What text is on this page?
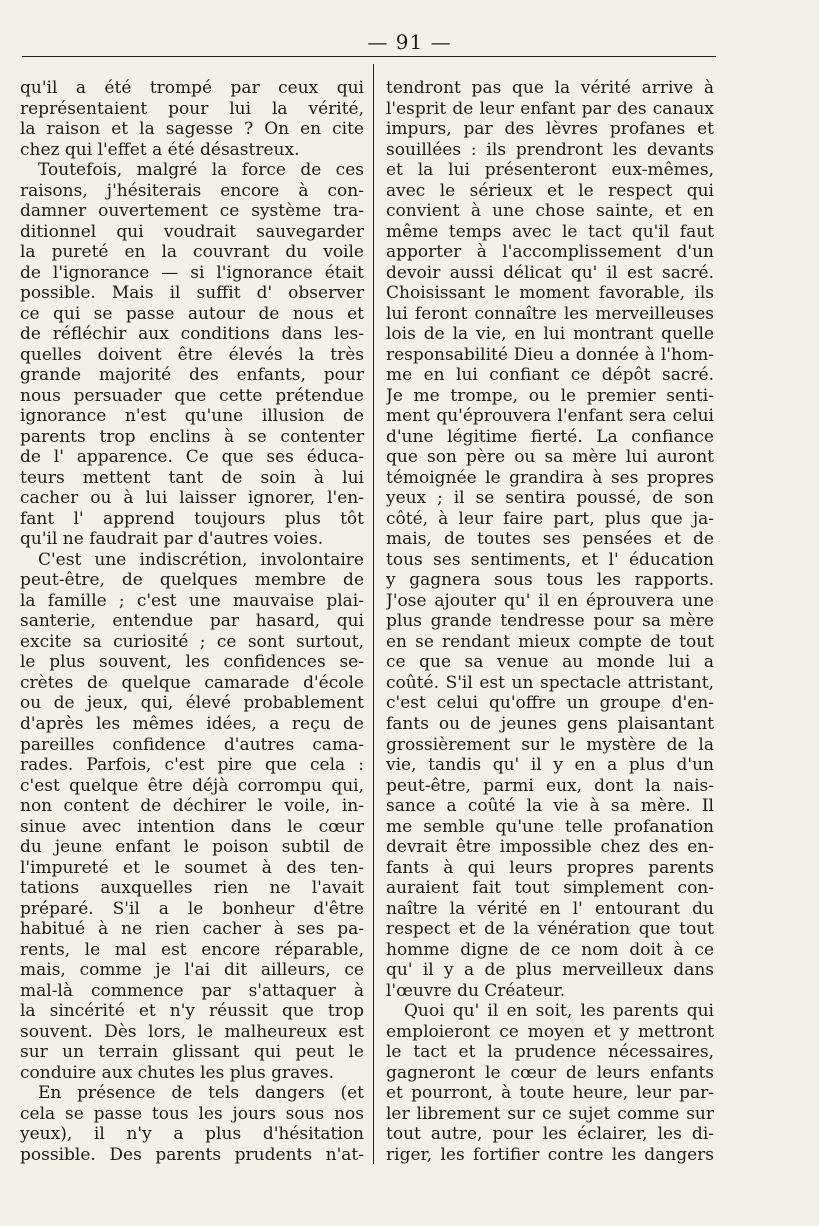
— 91 —
qu'il a été trompé par ceux qui
représentaient pour lui la vérité,
la raison et la sagesse ? On en cite
chez qui l'effet a été désastreux.
Toutefois, malgré la force de ces
raisons, j'hésiterais encore à con-
damner ouvertement ce système tra-
ditionnel qui voudrait sauvegarder
la pureté en la couvrant du voile
de l'ignorance — si l'ignorance était
possible. Mais il suffit d' observer
ce qui se passe autour de nous et
de réfléchir aux conditions dans les-
quelles doivent être élevés la très
grande majorité des enfants, pour
nous persuader que cette prétendue
ignorance n'est qu'une illusion de
parents trop enclins à se contenter
de l' apparence. Ce que ses éduca-
teurs mettent tant de soin à lui
cacher ou à lui laisser ignorer, l'en-
fant l' apprend toujours plus tôt
qu'il ne faudrait par d'autres voies.
C'est une indiscrétion, involontaire
peut-être, de quelques membre de
la famille ; c'est une mauvaise plai-
santerie, entendue par hasard, qui
excite sa curiosité ; ce sont surtout,
le plus souvent, les confidences se-
crètes de quelque camarade d'école
ou de jeux, qui, élevé probablement
d'après les mêmes idées, a reçu de
pareilles confidence d'autres cama-
rades. Parfois, c'est pire que cela :
c'est quelque être déjà corrompu qui,
non content de déchirer le voile, in-
sinue avec intention dans le cœur
du jeune enfant le poison subtil de
l'impureté et le soumet à des ten-
tations auxquelles rien ne l'avait
préparé. S'il a le bonheur d'être
habitué à ne rien cacher à ses pa-
rents, le mal est encore réparable,
mais, comme je l'ai dit ailleurs, ce
mal-là commence par s'attaquer à
la sincérité et n'y réussit que trop
souvent. Dès lors, le malheureux est
sur un terrain glissant qui peut le
conduire aux chutes les plus graves.
En présence de tels dangers (et
cela se passe tous les jours sous nos
yeux), il n'y a plus d'hésitation
possible. Des parents prudents n'at-
tendront pas que la vérité arrive à
l'esprit de leur enfant par des canaux
impurs, par des lèvres profanes et
souillées : ils prendront les devants
et la lui présenteront eux-mêmes,
avec le sérieux et le respect qui
convient à une chose sainte, et en
même temps avec le tact qu'il faut
apporter à l'accomplissement d'un
devoir aussi délicat qu' il est sacré.
Choisissant le moment favorable, ils
lui feront connaître les merveilleuses
lois de la vie, en lui montrant quelle
responsabilité Dieu a donnée à l'hom-
me en lui confiant ce dépôt sacré.
Je me trompe, ou le premier senti-
ment qu'éprouvera l'enfant sera celui
d'une légitime fierté. La confiance
que son père ou sa mère lui auront
témoignée le grandira à ses propres
yeux ; il se sentira poussé, de son
côté, à leur faire part, plus que ja-
mais, de toutes ses pensées et de
tous ses sentiments, et l' éducation
y gagnera sous tous les rapports.
J'ose ajouter qu' il en éprouvera une
plus grande tendresse pour sa mère
en se rendant mieux compte de tout
ce que sa venue au monde lui a
coûté. S'il est un spectacle attristant,
c'est celui qu'offre un groupe d'en-
fants ou de jeunes gens plaisantant
grossièrement sur le mystère de la
vie, tandis qu' il y en a plus d'un
peut-être, parmi eux, dont la nais-
sance a coûté la vie à sa mère. Il
me semble qu'une telle profanation
devrait être impossible chez des en-
fants à qui leurs propres parents
auraient fait tout simplement con-
naître la vérité en l' entourant du
respect et de la vénération que tout
homme digne de ce nom doit à ce
qu' il y a de plus merveilleux dans
l'œuvre du Créateur.
Quoi qu' il en soit, les parents qui
emploieront ce moyen et y mettront
le tact et la prudence nécessaires,
gagneront le cœur de leurs enfants
et pourront, à toute heure, leur par-
ler librement sur ce sujet comme sur
tout autre, pour les éclairer, les di-
riger, les fortifier contre les dangers
